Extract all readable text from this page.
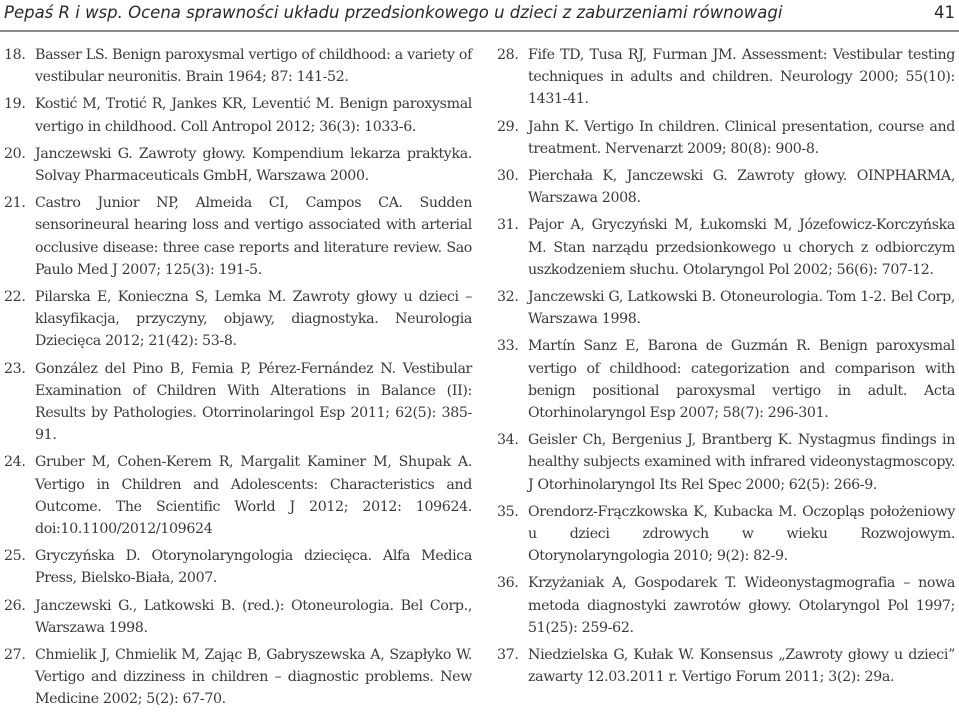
Pepaś R i wsp. Ocena sprawności układu przedsionkowego u dzieci z zaburzeniami równowagi	41
18. Basser LS. Benign paroxysmal vertigo of childhood: a variety of vestibular neuronitis. Brain 1964; 87: 141-52.
19. Kostić M, Trotić R, Jankes KR, Leventić M. Benign paroxysmal vertigo in childhood. Coll Antropol 2012; 36(3): 1033-6.
20. Janczewski G. Zawroty głowy. Kompendium lekarza praktyka. Solvay Pharmaceuticals GmbH, Warszawa 2000.
21. Castro Junior NP, Almeida CI, Campos CA. Sudden sensorineural hearing loss and vertigo associated with arterial occlusive disease: three case reports and literature review. Sao Paulo Med J 2007; 125(3): 191-5.
22. Pilarska E, Konieczna S, Lemka M. Zawroty głowy u dzieci – klasyfikacja, przyczyny, objawy, diagnostyka. Neurologia Dziecięca 2012; 21(42): 53-8.
23. González del Pino B, Femia P, Pérez-Fernández N. Vestibular Examination of Children With Alterations in Balance (II): Results by Pathologies. Otorrinolaringol Esp 2011; 62(5): 385-91.
24. Gruber M, Cohen-Kerem R, Margalit Kaminer M, Shupak A. Vertigo in Children and Adolescents: Characteristics and Outcome. The Scientific World J 2012; 2012: 109624. doi:10.1100/2012/109624
25. Gryczyńska D. Otorynolaryngologia dziecięca. Alfa Medica Press, Bielsko-Biała, 2007.
26. Janczewski G., Latkowski B. (red.): Otoneurologia. Bel Corp., Warszawa 1998.
27. Chmielik J, Chmielik M, Zając B, Gabryszewska A, Szapłyko W. Vertigo and dizziness in children – diagnostic problems. New Medicine 2002; 5(2): 67-70.
28. Fife TD, Tusa RJ, Furman JM. Assessment: Vestibular testing techniques in adults and children. Neurology 2000; 55(10): 1431-41.
29. Jahn K. Vertigo In children. Clinical presentation, course and treatment. Nervenarzt 2009; 80(8): 900-8.
30. Pierchała K, Janczewski G. Zawroty głowy. OINPHARMA, Warszawa 2008.
31. Pajor A, Gryczyński M, Łukomski M, Józefowicz-Korczyńska M. Stan narządu przedsionkowego u chorych z odbiorczym uszkodzeniem słuchu. Otolaryngol Pol 2002; 56(6): 707-12.
32. Janczewski G, Latkowski B. Otoneurologia. Tom 1-2. Bel Corp, Warszawa 1998.
33. Martín Sanz E, Barona de Guzmán R. Benign paroxysmal vertigo of childhood: categorization and comparison with benign positional paroxysmal vertigo in adult. Acta Otorhinolaryngol Esp 2007; 58(7): 296-301.
34. Geisler Ch, Bergenius J, Brantberg K. Nystagmus findings in healthy subjects examined with infrared videonystagmoscopy. J Otorhinolaryngol Its Rel Spec 2000; 62(5): 266-9.
35. Orendorz-Frączkowska K, Kubacka M. Oczopląs położeniowy u dzieci zdrowych w wieku Rozwojowym. Otorynolaryngologia 2010; 9(2): 82-9.
36. Krzyżaniak A, Gospodarek T. Wideonystagmografia – nowa metoda diagnostyki zawrotów głowy. Otolaryngol Pol 1997; 51(25): 259-62.
37. Niedzielska G, Kułak W. Konsensus „Zawroty głowy u dzieci” zawarty 12.03.2011 r. Vertigo Forum 2011; 3(2): 29a.
